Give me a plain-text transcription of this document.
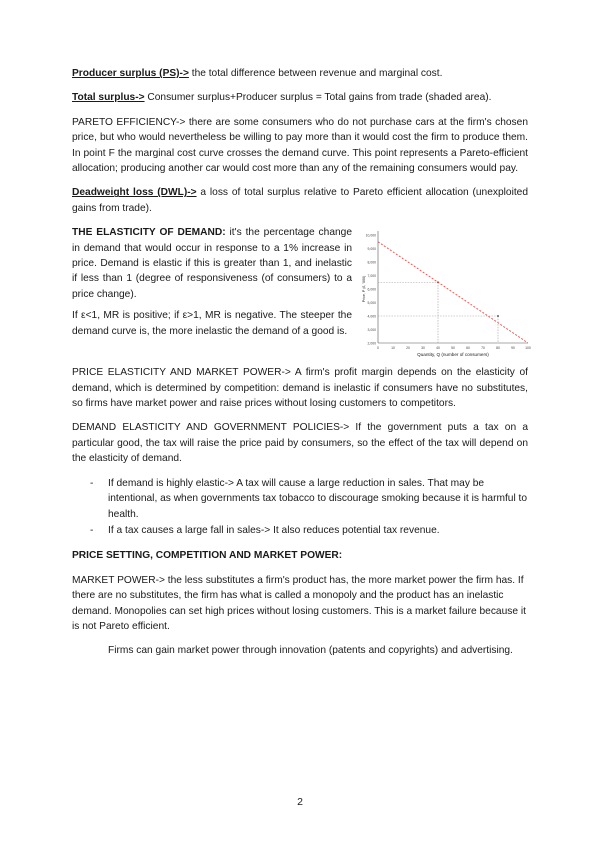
Producer surplus (PS)-> the total difference between revenue and marginal cost.

Total surplus-> Consumer surplus+Producer surplus = Total gains from trade (shaded area).

PARETO EFFICIENCY-> there are some consumers who do not purchase cars at the firm's chosen price, but who would nevertheless be willing to pay more than it would cost the firm to produce them. In point F the marginal cost curve crosses the demand curve. This point represents a Pareto-efficient allocation; producing another car would cost more than any of the remaining consumers would pay.

Deadweight loss (DWL)-> a loss of total surplus relative to Pareto efficient allocation (unexploited gains from trade).

THE ELASTICITY OF DEMAND: it's the percentage change in demand that would occur in response to a 1% increase in price. Demand is elastic if this is greater than 1, and inelastic if less than 1 (degree of responsiveness (of consumers) to a price change).

If ε<1, MR is positive; if ε>1, MR is negative. The steeper the demand curve is, the more inelastic the demand of a good is.

10,000
9,000
8,000
7,000
6,000
5,000
4,000
3,000
2,000
0	10	20	30	40	50	60	70	80	90	100
Quantity, Q (number of consumers)
Price, P (£, '000)

PRICE ELASTICITY AND MARKET POWER-> A firm's profit margin depends on the elasticity of demand, which is determined by competition: demand is inelastic if consumers have no substitutes, so firms have market power and raise prices without losing customers to competitors.

DEMAND ELASTICITY AND GOVERNMENT POLICIES-> If the government puts a tax on a particular good, the tax will raise the price paid by consumers, so the effect of the tax will depend on the elasticity of demand.

- If demand is highly elastic-> A tax will cause a large reduction in sales. That may be intentional, as when governments tax tobacco to discourage smoking because it is harmful to health.
- If a tax causes a large fall in sales-> It also reduces potential tax revenue.

PRICE SETTING, COMPETITION AND MARKET POWER:

MARKET POWER-> the less substitutes a firm's product has, the more market power the firm has. If there are no substitutes, the firm has what is called a monopoly and the product has an inelastic demand. Monopolies can set high prices without losing customers. This is a market failure because it is not Pareto efficient.

Firms can gain market power through innovation (patents and copyrights) and advertising.

2
